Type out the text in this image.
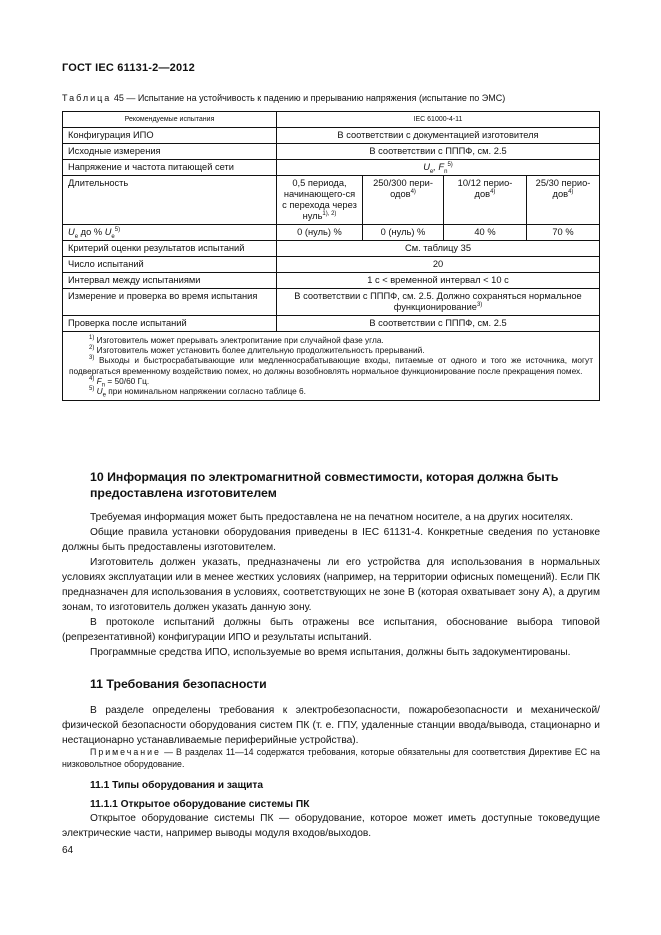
ГОСТ IEC 61131-2—2012
Таблица 45 — Испытание на устойчивость к падению и прерыванию напряжения (испытание по ЭМС)
Рекомендуемые испытания	IEC 61000-4-11			
Конфигурация ИПО	В соответствии с документацией изготовителя			
Исходные измерения	В соответствии с ПППФ, см. 2.5			
Напряжение и частота питающей сети	$U_e$, $F_n^{5)}$
Длительность	0,5 периода, начинающего-ся с перехода через нуль$^{1), 2)}$	250/300 пери-одов$^{4)}$	10/12 перио-дов$^{4)}$	25/30 перио-дов$^{4)}$
$U_e$ до % $U_e^{5)}$	0 (нуль) %	0 (нуль) %	40 %	70 %
Критерий оценки результатов испытаний	См. таблицу 35			
Число испытаний	20			
Интервал между испытаниями	1 с < временной интервал < 10 с			
Измерение и проверка во время испытания	В соответствии с ПППФ, см. 2.5. Должно сохраняться нормальное функционирование$^{3)}$
Проверка после испытаний	В соответствии с ПППФ, см. 2.5			

$^{1)}$ Изготовитель может прерывать электропитание при случайной фазе угла.
$^{2)}$ Изготовитель может установить более длительную продолжительность прерываний.
$^{3)}$ Выходы и быстросрабатывающие или медленносрабатывающие входы, питаемые от одного и того же источника, могут подвергаться временному воздействию помех, но должны возобновлять нормальное функционирование после прекращения помех.
$^{4)}$ $F_n = 50/60$ Гц.
$^{5)}$ $U_e$ при номинальном напряжении согласно таблице 6.				
10 Информация по электромагнитной совместимости, которая должна быть предоставлена изготовителем

Требуемая информация может быть предоставлена не на печатном носителе, а на других носителях.

Общие правила установки оборудования приведены в IEC 61131-4. Конкретные сведения по установке должны быть предоставлены изготовителем.

Изготовитель должен указать, предназначены ли его устройства для использования в нормальных условиях эксплуатации или в менее жестких условиях (например, на территории офисных помещений). Если ПК предназначен для использования в условиях, соответствующих не зоне В (которая охватывает зону А), а другим зонам, то изготовитель должен указать данную зону.

В протоколе испытаний должны быть отражены все испытания, обоснование выбора типовой (репрезентативной) конфигурации ИПО и результаты испытаний.

Программные средства ИПО, используемые во время испытания, должны быть задокументированы.

11 Требования безопасности

В разделе определены требования к электробезопасности, пожаробезопасности и механической/физической безопасности оборудования систем ПК (т. е. ГПУ, удаленные станции ввода/вывода, стационарно и нестационарно устанавливаемые периферийные устройства).

Примечание — В разделах 11—14 содержатся требования, которые обязательны для соответствия Директиве ЕС на низковольтное оборудование.
11.1 Типы оборудования и защита
11.1.1 Открытое оборудование системы ПК

Открытое оборудование системы ПК — оборудование, которое может иметь доступные токоведущие электрические части, например выводы модуля входов/выходов.

64
